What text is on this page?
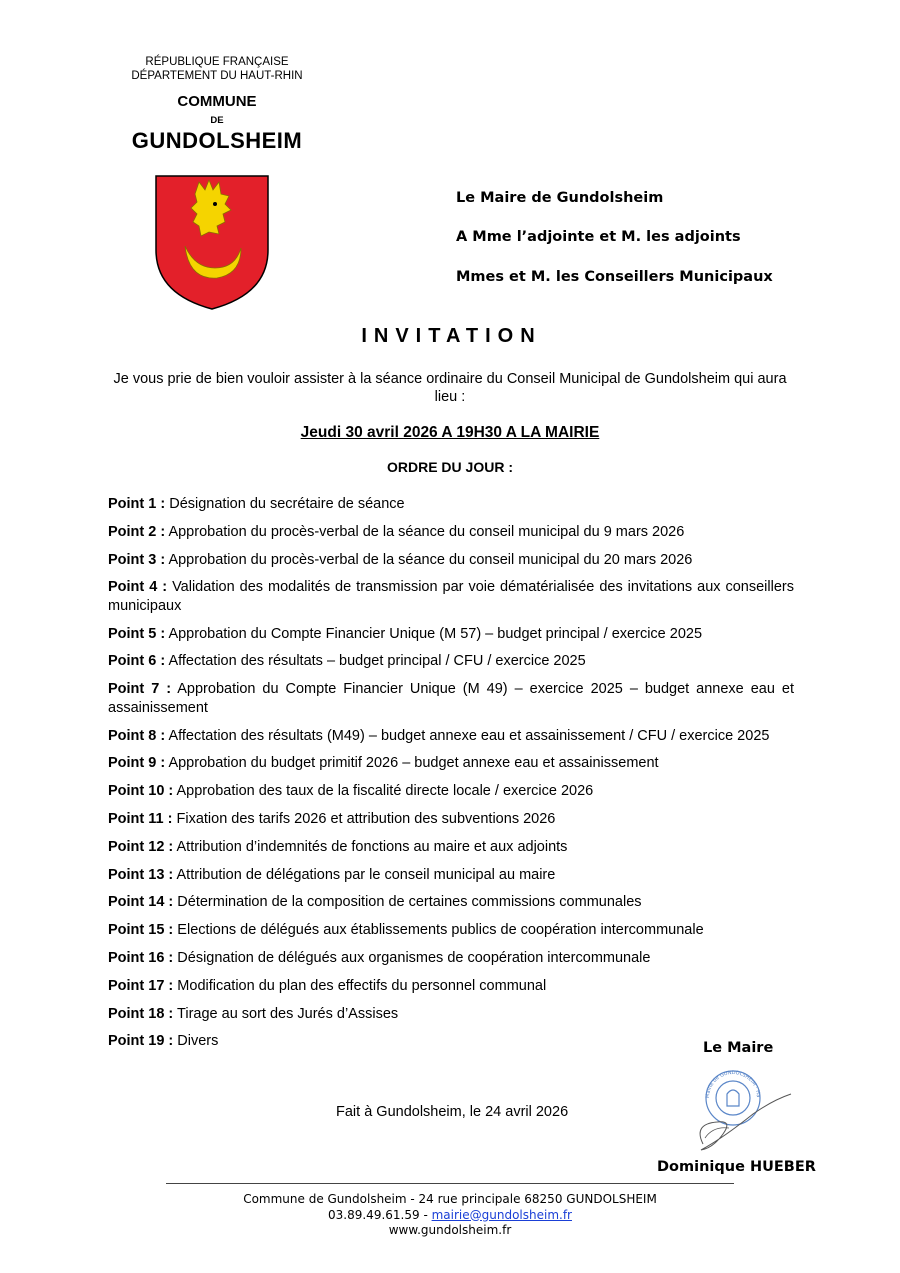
RÉPUBLIQUE FRANÇAISE
DÉPARTEMENT DU HAUT-RHIN
COMMUNE
DE
GUNDOLSHEIM
Le Maire de Gundolsheim
A Mme l’adjointe et M. les adjoints
Mmes et M. les Conseillers Municipaux
INVITATION
Je vous prie de bien vouloir assister à la séance ordinaire du Conseil Municipal de Gundolsheim qui aura lieu :
Jeudi 30 avril 2026 A 19H30 A LA MAIRIE
ORDRE DU JOUR :
Point 1 : Désignation du secrétaire de séance
Point 2 : Approbation du procès-verbal de la séance du conseil municipal du 9 mars 2026
Point 3 : Approbation du procès-verbal de la séance du conseil municipal du 20 mars 2026
Point 4 : Validation des modalités de transmission par voie dématérialisée des invitations aux conseillers municipaux
Point 5 : Approbation du Compte Financier Unique (M 57) – budget principal / exercice 2025
Point 6 : Affectation des résultats – budget principal / CFU / exercice 2025
Point 7 : Approbation du Compte Financier Unique (M 49) – exercice 2025 – budget annexe eau et assainissement
Point 8 : Affectation des résultats (M49) – budget annexe eau et assainissement / CFU / exercice 2025
Point 9 : Approbation du budget primitif 2026 – budget annexe eau et assainissement
Point 10 : Approbation des taux de la fiscalité directe locale / exercice 2026
Point 11 : Fixation des tarifs 2026 et attribution des subventions 2026
Point 12 : Attribution d’indemnités de fonctions au maire et aux adjoints
Point 13 : Attribution de délégations par le conseil municipal au maire
Point 14 : Détermination de la composition de certaines commissions communales
Point 15 : Elections de délégués aux établissements publics de coopération intercommunale
Point 16 : Désignation de délégués aux organismes de coopération intercommunale
Point 17 : Modification du plan des effectifs du personnel communal
Point 18 : Tirage au sort des Jurés d’Assises
Point 19 : Divers	Le Maire
Mairie de GUNDOLSHEIM · Ha
Fait à Gundolsheim, le 24 avril 2026
Dominique HUEBER
Commune de Gundolsheim - 24 rue principale 68250 GUNDOLSHEIM
03.89.49.61.59 - mairie@gundolsheim.fr
www.gundolsheim.fr
